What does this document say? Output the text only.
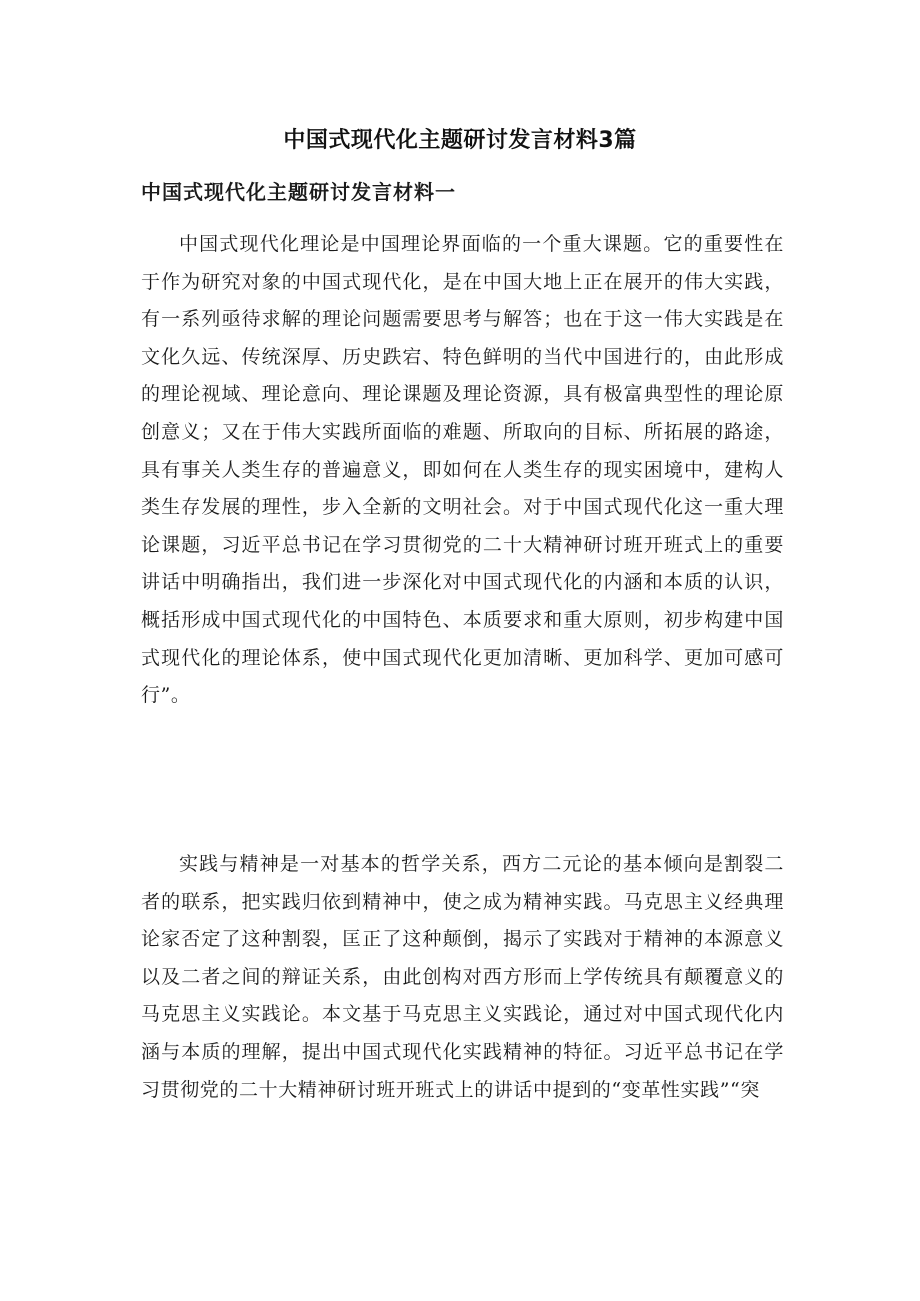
中国式现代化主题研讨发言材料3篇
中国式现代化主题研讨发言材料一

中国式现代化理论是中国理论界面临的一个重大课题。它的重要性在于作为研究对象的中国式现代化，是在中国大地上正在展开的伟大实践，有一系列亟待求解的理论问题需要思考与解答；也在于这一伟大实践是在文化久远、传统深厚、历史跌宕、特色鲜明的当代中国进行的，由此形成的理论视域、理论意向、理论课题及理论资源，具有极富典型性的理论原创意义；又在于伟大实践所面临的难题、所取向的目标、所拓展的路途，具有事关人类生存的普遍意义，即如何在人类生存的现实困境中，建构人类生存发展的理性，步入全新的文明社会。对于中国式现代化这一重大理论课题，习近平总书记在学习贯彻党的二十大精神研讨班开班式上的重要讲话中明确指出，我们进一步深化对中国式现代化的内涵和本质的认识，概括形成中国式现代化的中国特色、本质要求和重大原则，初步构建中国式现代化的理论体系，使中国式现代化更加清晰、更加科学、更加可感可行”。

实践与精神是一对基本的哲学关系，西方二元论的基本倾向是割裂二者的联系，把实践归依到精神中，使之成为精神实践。马克思主义经典理论家否定了这种割裂，匡正了这种颠倒，揭示了实践对于精神的本源意义以及二者之间的辩证关系，由此创构对西方形而上学传统具有颠覆意义的马克思主义实践论。本文基于马克思主义实践论，通过对中国式现代化内涵与本质的理解，提出中国式现代化实践精神的特征。习近平总书记在学习贯彻党的二十大精神研讨班开班式上的讲话中提到的“变革性实践”“突
